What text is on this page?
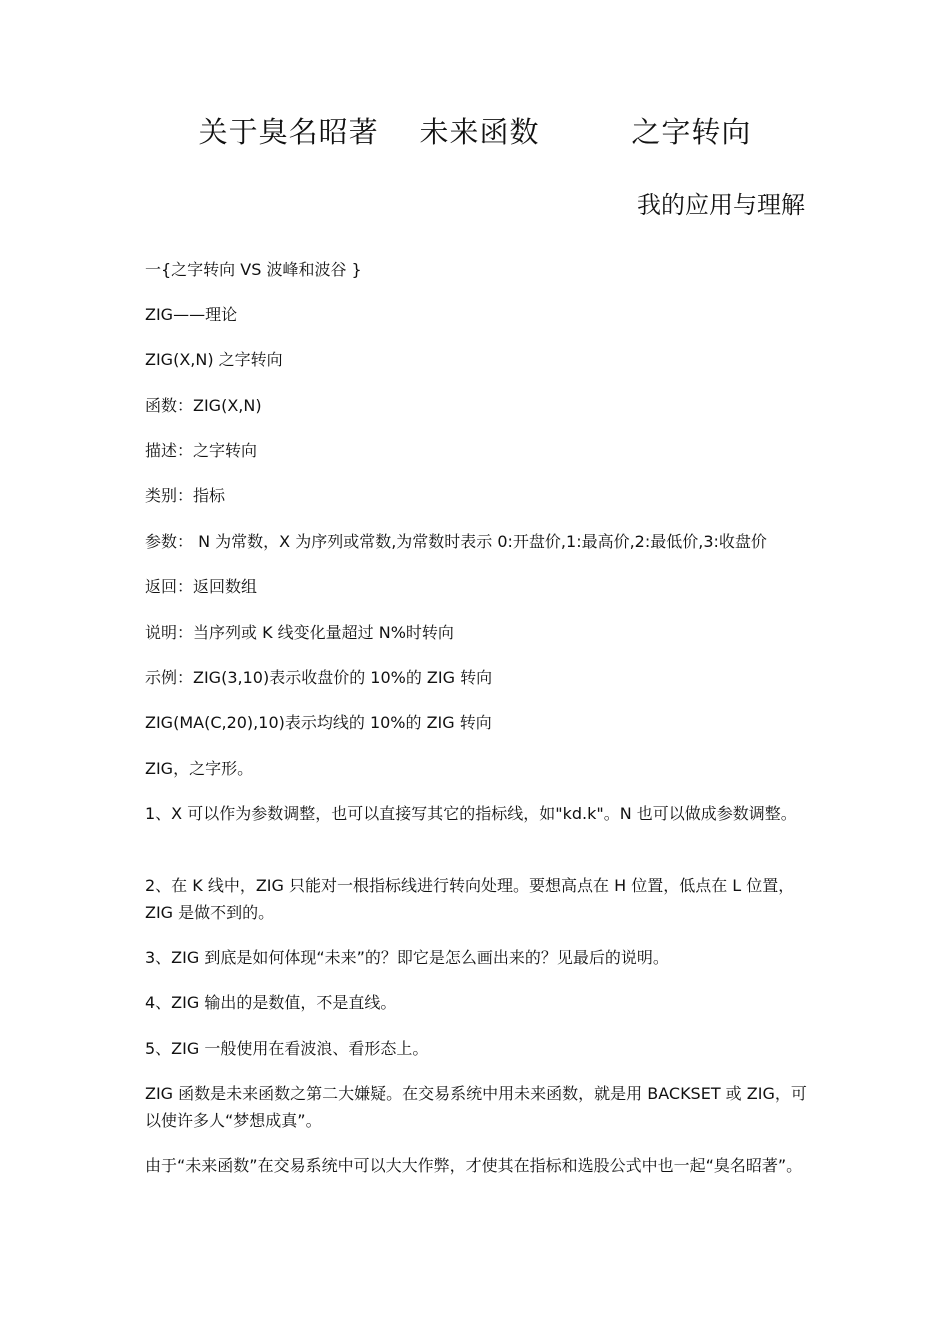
关于臭名昭著    未来函数         之字转向
我的应用与理解
一{之字转向 VS 波峰和波谷 }
ZIG——理论
ZIG(X,N) 之字转向
函数：ZIG(X,N)
描述：之字转向
类别：指标
参数： N 为常数，X 为序列或常数,为常数时表示 0:开盘价,1:最高价,2:最低价,3:收盘价
返回：返回数组
说明：当序列或 K 线变化量超过 N%时转向
示例：ZIG(3,10)表示收盘价的 10%的 ZIG 转向
ZIG(MA(C,20),10)表示均线的 10%的 ZIG 转向
ZIG，之字形。
1、X 可以作为参数调整，也可以直接写其它的指标线，如"kd.k"。N 也可以做成参数调整。
2、在 K 线中，ZIG 只能对一根指标线进行转向处理。要想高点在 H 位置，低点在 L 位置，ZIG 是做不到的。
3、ZIG 到底是如何体现“未来”的？即它是怎么画出来的？见最后的说明。
4、ZIG 输出的是数值，不是直线。
5、ZIG 一般使用在看波浪、看形态上。
ZIG 函数是未来函数之第二大嫌疑。在交易系统中用未来函数，就是用 BACKSET 或 ZIG，可以使许多人“梦想成真”。
由于“未来函数”在交易系统中可以大大作弊，才使其在指标和选股公式中也一起“臭名昭著”。
